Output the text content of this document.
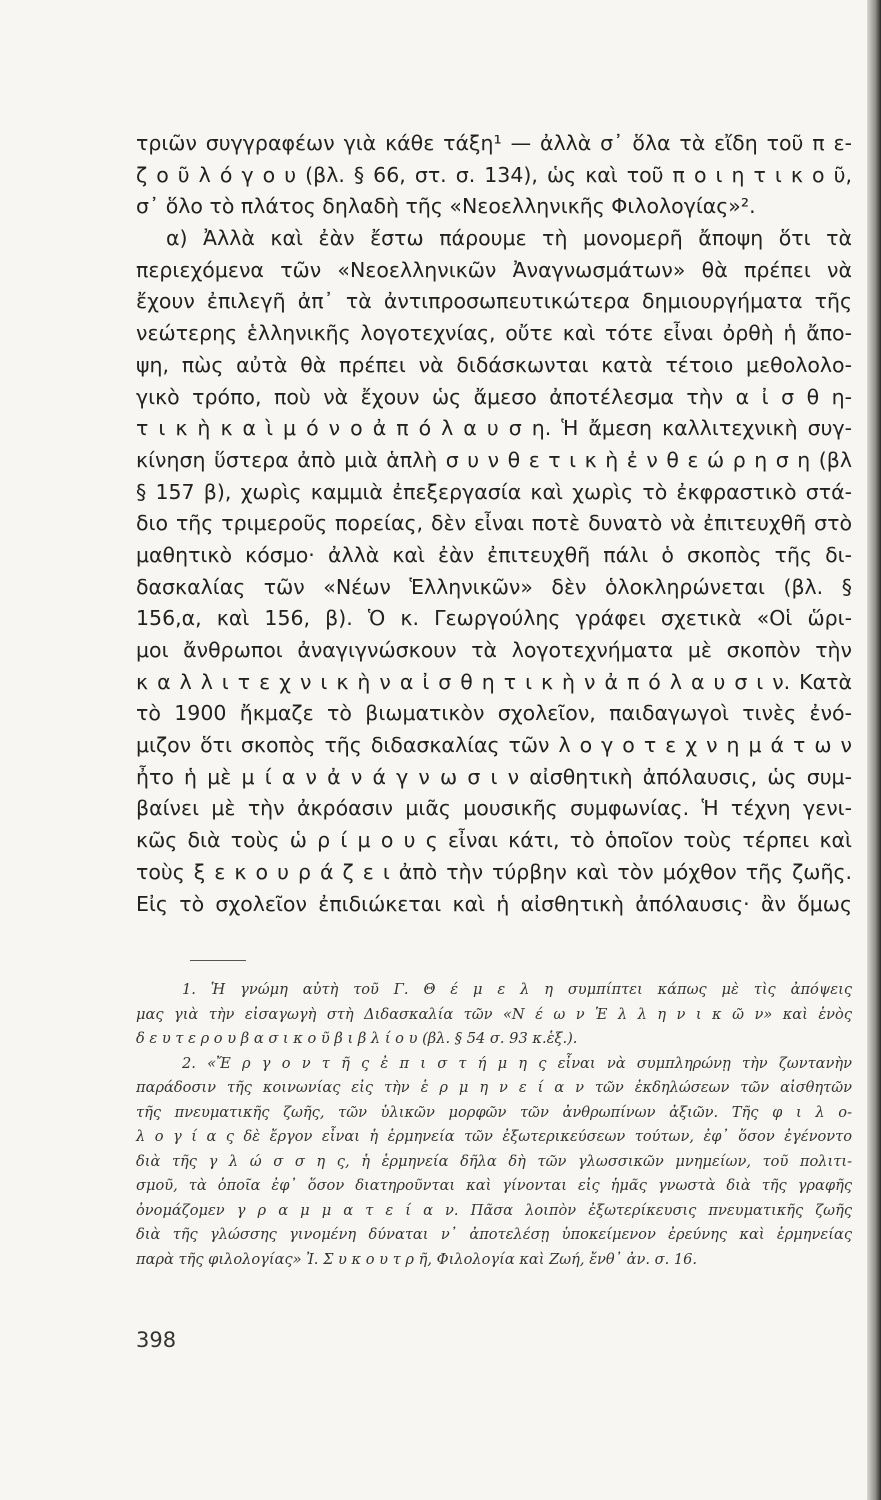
τριῶν συγγραφέων γιὰ κάθε τάξη¹ — ἀλλὰ σ᾽ ὅλα τὰ εἴδη τοῦ π ε-
ζ ο ῦ λ ό γ ο υ (βλ. § 66, στ. σ. 134), ὡς καὶ τοῦ π ο ι η τ ι κ ο ῦ,
σ᾽ ὅλο τὸ πλάτος δηλαδὴ τῆς «Νεοελληνικῆς Φιλολογίας»².
α) Ἀλλὰ καὶ ἐὰν ἔστω πάρουμε τὴ μονομερῆ ἄποψη ὅτι τὰ
περιεχόμενα τῶν «Νεοελληνικῶν Ἀναγνωσμάτων» θὰ πρέπει νὰ
ἔχουν ἐπιλεγῆ ἀπ᾽ τὰ ἀντιπροσωπευτικώτερα δημιουργήματα τῆς
νεώτερης ἑλληνικῆς λογοτεχνίας, οὔτε καὶ τότε εἶναι ὀρθὴ ἡ ἄπο-
ψη, πὼς αὐτὰ θὰ πρέπει νὰ διδάσκωνται κατὰ τέτοιο μεθολολο-
γικὸ τρόπο, ποὺ νὰ ἔχουν ὡς ἄμεσο ἀποτέλεσμα τὴν α ἰ σ θ η-
τ ι κ ὴ κ α ὶ μ ό ν ο ἀ π ό λ α υ σ η. Ἡ ἄμεση καλλιτεχνικὴ συγ-
κίνηση ὕστερα ἀπὸ μιὰ ἁπλὴ σ υ ν θ ε τ ι κ ὴ ἐ ν θ ε ώ ρ η σ η (βλ
§ 157 β), χωρὶς καμμιὰ ἐπεξεργασία καὶ χωρὶς τὸ ἐκφραστικὸ στά-
διο τῆς τριμεροῦς πορείας, δὲν εἶναι ποτὲ δυνατὸ νὰ ἐπιτευχθῆ στὸ
μαθητικὸ κόσμο· ἀλλὰ καὶ ἐὰν ἐπιτευχθῆ πάλι ὁ σκοπὸς τῆς δι-
δασκαλίας τῶν «Νέων Ἑλληνικῶν» δὲν ὁλοκληρώνεται (βλ. §
156,α, καὶ 156, β). Ὁ κ. Γεωργούλης γράφει σχετικὰ «Οἱ ὥρι-
μοι ἄνθρωποι ἀναγιγνώσκουν τὰ λογοτεχνήματα μὲ σκοπὸν τὴν
κ α λ λ ι τ ε χ ν ι κ ὴ ν α ἰ σ θ η τ ι κ ὴ ν ἀ π ό λ α υ σ ι ν. Κατὰ
τὸ 1900 ἤκμαζε τὸ βιωματικὸν σχολεῖον, παιδαγωγοὶ τινὲς ἐνό-
μιζον ὅτι σκοπὸς τῆς διδασκαλίας τῶν λ ο γ ο τ ε χ ν η μ ά τ ω ν
ἦτο ἡ μὲ μ ί α ν ἀ ν ά γ ν ω σ ι ν αἰσθητικὴ ἀπόλαυσις, ὡς συμ-
βαίνει μὲ τὴν ἀκρόασιν μιᾶς μουσικῆς συμφωνίας. Ἡ τέχνη γενι-
κῶς διὰ τοὺς ὡ ρ ί μ ο υ ς εἶναι κάτι, τὸ ὁποῖον τοὺς τέρπει καὶ
τοὺς ξ ε κ ο υ ρ ά ζ ε ι ἀπὸ τὴν τύρβην καὶ τὸν μόχθον τῆς ζωῆς.
Εἰς τὸ σχολεῖον ἐπιδιώκεται καὶ ἡ αἰσθητικὴ ἀπόλαυσις· ἂν ὅμως
1. Ἡ γνώμη αὐτὴ τοῦ Γ. Θ έ μ ε λ η συμπίπτει κάπως μὲ τὶς ἀπόψεις
μας γιὰ τὴν εἰσαγωγὴ στὴ Διδασκαλία τῶν «Ν έ ω ν Ἑ λ λ η ν ι κ ῶ ν» καὶ ἑνὸς
δ ε υ τ ε ρ ο υ β α σ ι κ ο ῦ β ι β λ ί ο υ (βλ. § 54 σ. 93 κ.ἑξ.).
2. «Ἔ ρ γ ο ν τ ῆ ς ἐ π ι σ τ ή μ η ς εἶναι νὰ συμπληρώνῃ τὴν ζωντανὴν
παράδοσιν τῆς κοινωνίας εἰς τὴν ἑ ρ μ η ν ε ί α ν τῶν ἐκδηλώσεων τῶν αἰσθητῶν
τῆς πνευματικῆς ζωῆς, τῶν ὑλικῶν μορφῶν τῶν ἀνθρωπίνων ἀξιῶν. Τῆς φ ι λ ο-
λ ο γ ί α ς δὲ ἔργον εἶναι ἡ ἑρμηνεία τῶν ἐξωτερικεύσεων τούτων, ἐφ᾽ ὅσον ἐγένοντο
διὰ τῆς γ λ ώ σ σ η ς, ἡ ἑρμηνεία δῆλα δὴ τῶν γλωσσικῶν μνημείων, τοῦ πολιτι-
σμοῦ, τὰ ὁποῖα ἐφ᾽ ὅσον διατηροῦνται καὶ γίνονται εἰς ἡμᾶς γνωστὰ διὰ τῆς γραφῆς
ὀνομάζομεν γ ρ α μ μ α τ ε ί α ν. Πᾶσα λοιπὸν ἐξωτερίκευσις πνευματικῆς ζωῆς
διὰ τῆς γλώσσης γινομένη δύναται ν᾽ ἀποτελέσῃ ὑποκείμενον ἐρεύνης καὶ ἑρμηνείας
παρὰ τῆς φιλολογίας» Ἰ. Σ υ κ ο υ τ ρ ῆ, Φιλολογία καὶ Ζωή, ἔνθ᾽ ἀν. σ. 16.
398
